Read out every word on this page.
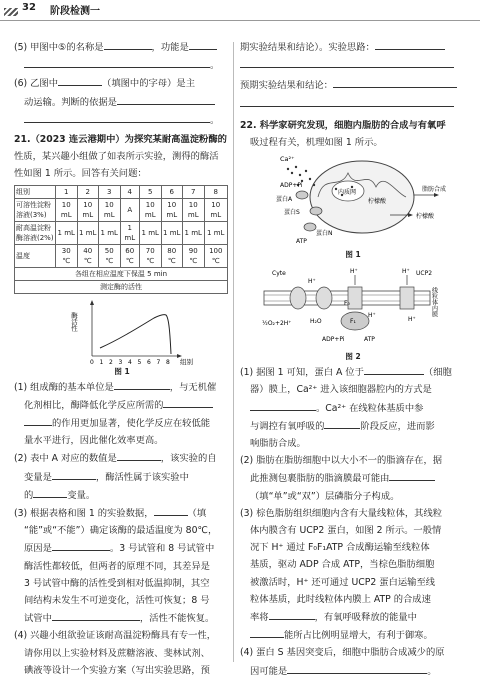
32 阶段检测一

(5) 甲图中⑤的名称是	，功能是

。

(6) 乙图中	（填图中的字母）是主

动运输。判断的依据是

。

21.（2023 连云港期中）为探究某耐高温淀粉酶的

性质，某兴趣小组做了如表所示实验，测得的酶活

性如图 1 所示。回答有关问题：

组别	1	2	3	4	5	6	7	8
可溶性淀粉溶液(3%)	10 mL	10 mL	10 mL	A	10 mL	10 mL	10 mL	10 mL
耐高温淀粉酶溶液(2%)	1 mL	1 mL	1 mL	1 mL	1 mL	1 mL	1 mL	1 mL
温度	30 ℃	40 ℃	50 ℃	60 ℃	70 ℃	80 ℃	90 ℃	100 ℃
各组在相应温度下保温 5 min								
测定酶的活性								
酶活性
组别
0 1 2 3 4 5 6 7 8

图 1

(1) 组成酶的基本单位是	，与无机催

化剂相比，酶降低化学反应所需的

的作用更加显著，使化学反应在较低能

量水平进行，因此催化效率更高。

(2) 表中 A 对应的数值是	，该实验的自

变量是	，酶活性属于该实验中

的	变量。

(3) 根据表格和图 1 的实验数据，	（填

“能”或“不能”）确定该酶的最适温度为 80℃，

原因是	。3 号试管和 8 号试管中

酶活性都较低，但两者的原理不同，其差异是

3 号试管中酶的活性受到相对低温抑制，其空

间结构未发生不可逆变化，活性可恢复；8 号

试管中	，活性不能恢复。

(4) 兴趣小组欲验证该耐高温淀粉酶具有专一性，

请你用以上实验材料及蔗糖溶液、斐林试剂、

碘液等设计一个实验方案（写出实验思路，预

期实验结果和结论）。实验思路：

预期实验结果和结论：

22. 科学家研究发现，细胞内脂肪的合成与有氧呼

吸过程有关，机理如图 1 所示。

Ca²⁺
ADP+Pi
蛋白A
蛋白S
ATP
蛋白N
内质网
柠檬酸
柠檬酸
脂肪合成

图 1

Cyte	UCP2
线粒体内膜
H⁺
H⁺	H⁺
H⁺
H⁺
½O₂+2H⁺	H₂O
F₀
F₁
ADP+Pi	ATP

图 2

(1) 据图 1 可知，蛋白 A 位于	（细胞

器）膜上，Ca²⁺ 进入该细胞器腔内的方式是

。Ca²⁺ 在线粒体基质中参

与调控有氧呼吸的	阶段反应，进而影

响脂肪合成。

(2) 脂肪在脂肪细胞中以大小不一的脂滴存在，据

此推测包裹脂肪的脂滴膜最可能由

（填“单”或“双”）层磷脂分子构成。

(3) 棕色脂肪组织细胞内含有大量线粒体，其线粒

体内膜含有 UCP2 蛋白，如图 2 所示。一般情

况下 H⁺ 通过 F₀F₁ATP 合成酶运输至线粒体

基质，驱动 ADP 合成 ATP，当棕色脂肪细胞

被激活时，H⁺ 还可通过 UCP2 蛋白运输至线

粒体基质，此时线粒体内膜上 ATP 的合成速

率将	，有氧呼吸释放的能量中

能所占比例明显增大，有利于御寒。

(4) 蛋白 S 基因突变后，细胞中脂肪合成减少的原

因可能是	。
